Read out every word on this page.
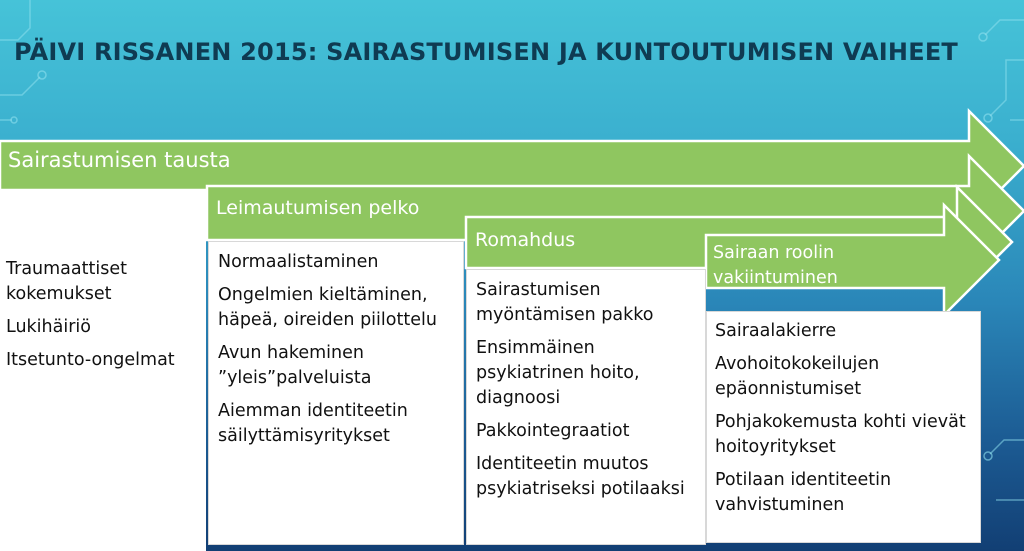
PÄIVI RISSANEN 2015: SAIRASTUMISEN JA KUNTOUTUMISEN VAIHEET
Sairastumisen tausta
Leimautumisen pelko
Romahdus
Sairaan roolin vakiintuminen
Traumaattiset kokemukset
Lukihäiriö
Itsetunto-ongelmat
Normaalistaminen
Ongelmien kieltäminen, häpeä, oireiden piilottelu
Avun hakeminen ”yleis”palveluista
Aiemman identiteetin säilyttämisyritykset
Sairastumisen myöntämisen pakko
Ensimmäinen psykiatrinen hoito, diagnoosi
Pakkointegraatiot
Identiteetin muutos psykiatriseksi potilaaksi
Sairaalakierre
Avohoitokokeilujen epäonnistumiset
Pohjakokemusta kohti vievät hoitoyritykset
Potilaan identiteetin vahvistuminen
